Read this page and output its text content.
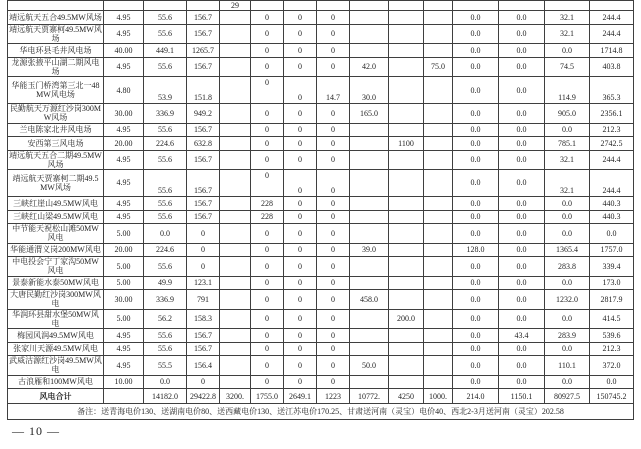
				29										
靖远航天五合49.5MW风场	4.95	55.6	156.7		0	0	0				0.0	0.0	32.1	244.4
靖远航天贾寨柯49.5MW风场	4.95	55.6	156.7		0	0	0				0.0	0.0	32.1	244.4
华电环县毛井风电场	40.00	449.1	1265.7		0	0	0				0.0	0.0	0.0	1714.8
龙源张掖平山湖二期风电场	4.95	55.6	156.7		0	0	0	42.0		75.0	0.0	0.0	74.5	403.8
华能玉门桥湾第三北一48MW风电场	4.80	53.9	151.8		0	0	14.7	30.0			0.0	0.0	114.9	365.3
民勤航天万源红沙岗300MW风场	30.00	336.9	949.2		0	0	0	165.0			0.0	0.0	905.0	2356.1
兰电陈家北井风电场	4.95	55.6	156.7		0	0	0				0.0	0.0	0.0	212.3
安西第三风电场	20.00	224.6	632.8		0	0	0		1100		0.0	0.0	785.1	2742.5
靖远航天五合二期49.5MW风场	4.95	55.6	156.7		0	0	0				0.0	0.0	32.1	244.4
靖远航天贾寨柯二期49.5MW风场	4.95	55.6	156.7		0	0	0				0.0	0.0	32.1	244.4
三峡红崖山49.5MW风电	4.95	55.6	156.7		228	0	0				0.0	0.0	0.0	440.3
三峡红山梁49.5MW风电	4.95	55.6	156.7		228	0	0				0.0	0.0	0.0	440.3
中节能天祝松山滩50MW风电	5.00	0.0	0		0	0	0				0.0	0.0	0.0	0.0
华能通渭义岗200MW风电	20.00	224.6	0		0	0	0	39.0			128.0	0.0	1365.4	1757.0
中电投会宁丁家沟50MW风电	5.00	55.6	0		0	0	0				0.0	0.0	283.8	339.4
景泰新能水泰50MW风电	5.00	49.9	123.1		0	0	0				0.0	0.0	0.0	173.0
大唐民勤红沙岗300MW风电	30.00	336.9	791		0	0	0	458.0			0.0	0.0	1232.0	2817.9
华润环县甜水堡50MW风电	5.00	56.2	158.3		0	0	0		200.0		0.0	0.0	0.0	414.5
梅园风润49.5MW风电	4.95	55.6	156.7		0	0	0				0.0	43.4	283.9	539.6
张家川天源49.5MW风电	4.95	55.6	156.7		0	0	0				0.0	0.0	0.0	212.3
武威沽源红沙岗49.5MW风电	4.95	55.5	156.4		0	0	0	50.0			0.0	0.0	110.1	372.0
古浪雁和100MW风电	10.00	0.0	0		0	0	0				0.0	0.0	0.0	0.0
风电合计		14182.0	29422.8	3200.	1755.0	2649.1	1223	10772.	4250	1000.	214.0	1150.1	80927.5	150745.2
备注：送青海电价130、送湖南电价80、送西藏电价130、送江苏电价170.25、甘肃送河南（灵宝）电价40、西北2-3月送河南（灵宝）202.58														
— 10 —
